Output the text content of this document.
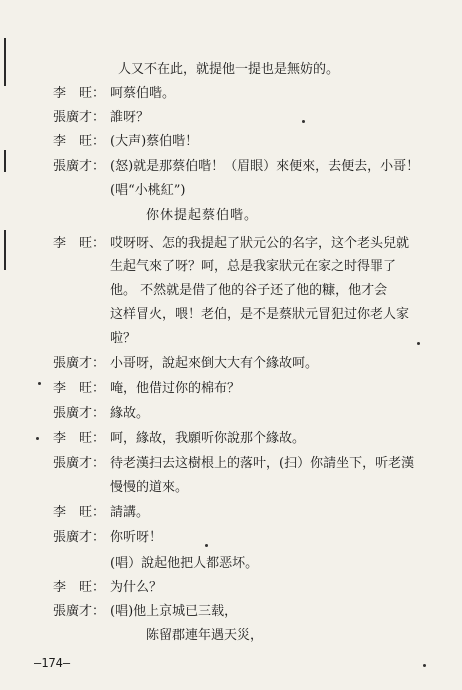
人又不在此，就提他一提也是無妨的。
李　旺： 呵蔡伯喈。
張廣才： 誰呀？
李　旺： (大声)蔡伯喈！
張廣才： (怒)就是那蔡伯喈！（眉眼）來便來，去便去，小哥！
(唱“小桃紅”)
你休提起蔡伯喈。
李　旺： 哎呀呀、怎的我提起了狀元公的名字，这个老头兒就
生起气來了呀？呵，总是我家狀元在家之时得罪了
他。 不然就是借了他的谷子还了他的糠，他才会
这样冒火，喂！老伯，是不是蔡狀元冒犯过你老人家
啦？
張廣才： 小哥呀，說起來倒大大有个緣故呵。
李　旺： 唵，他借过你的棉布？
張廣才： 緣故。
李　旺： 呵，緣故，我願听你說那个緣故。
張廣才： 待老漢扫去这樹根上的落叶，(扫）你請坐下，听老漢
慢慢的道來。
李　旺： 請講。
張廣才： 你听呀！
(唱）說起他把人都恶坏。
李　旺： 为什么？
張廣才： (唱)他上京城已三载，
陈留郡連年遇天災，
—174—
